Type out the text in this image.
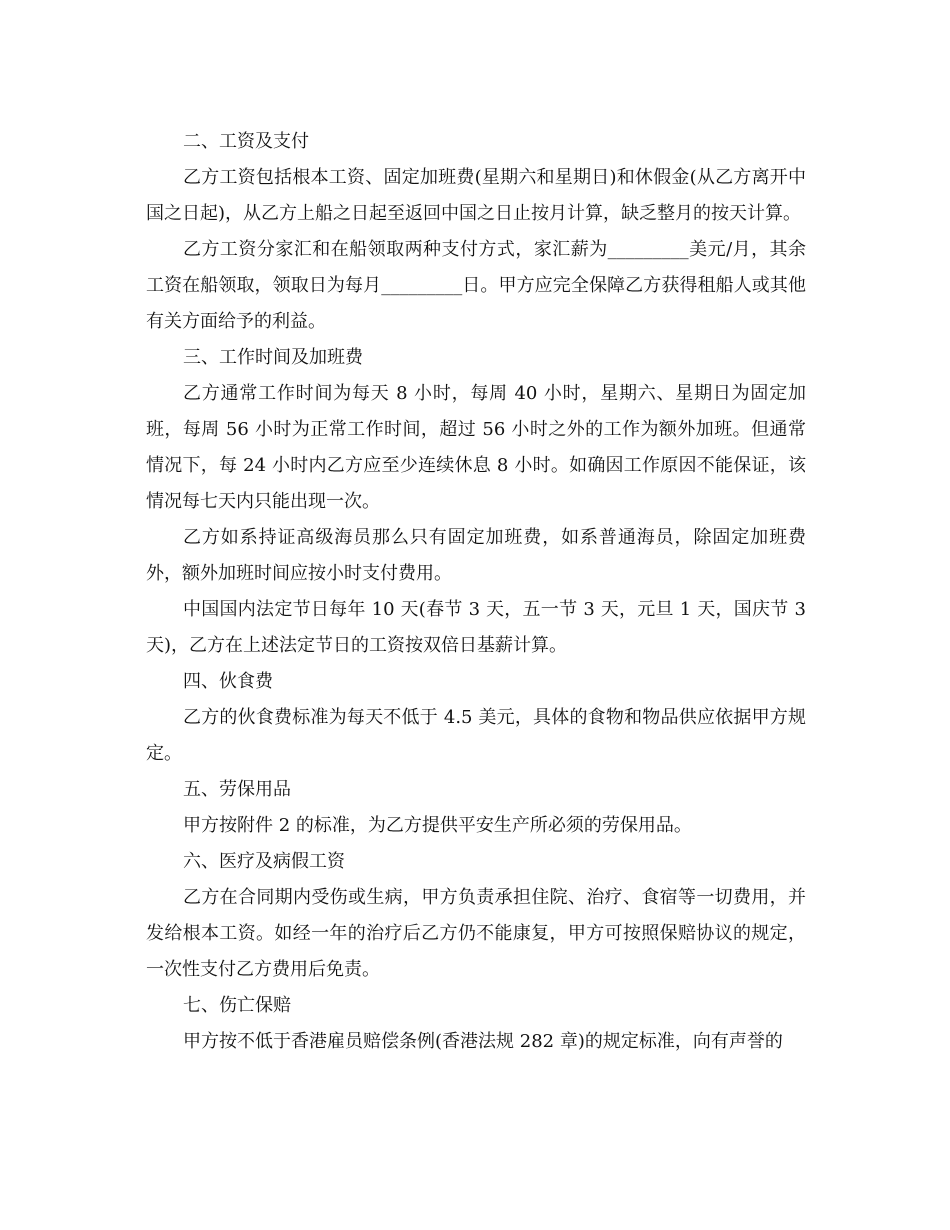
二、工资及支付

乙方工资包括根本工资、固定加班费(星期六和星期日)和休假金(从乙方离开中国之日起)，从乙方上船之日起至返回中国之日止按月计算，缺乏整月的按天计算。

乙方工资分家汇和在船领取两种支付方式，家汇薪为_________美元/月，其余工资在船领取，领取日为每月_________日。甲方应完全保障乙方获得租船人或其他有关方面给予的利益。

三、工作时间及加班费

乙方通常工作时间为每天 8 小时，每周 40 小时，星期六、星期日为固定加班，每周 56 小时为正常工作时间，超过 56 小时之外的工作为额外加班。但通常情况下，每 24 小时内乙方应至少连续休息 8 小时。如确因工作原因不能保证，该情况每七天内只能出现一次。

乙方如系持证高级海员那么只有固定加班费，如系普通海员，除固定加班费外，额外加班时间应按小时支付费用。

中国国内法定节日每年 10 天(春节 3 天，五一节 3 天，元旦 1 天，国庆节 3 天)，乙方在上述法定节日的工资按双倍日基薪计算。

四、伙食费

乙方的伙食费标准为每天不低于 4.5 美元，具体的食物和物品供应依据甲方规定。

五、劳保用品

甲方按附件 2 的标准，为乙方提供平安生产所必须的劳保用品。

六、医疗及病假工资

乙方在合同期内受伤或生病，甲方负责承担住院、治疗、食宿等一切费用，并发给根本工资。如经一年的治疗后乙方仍不能康复，甲方可按照保赔协议的规定，一次性支付乙方费用后免责。

七、伤亡保赔

甲方按不低于香港雇员赔偿条例(香港法规 282 章)的规定标准，向有声誉的
